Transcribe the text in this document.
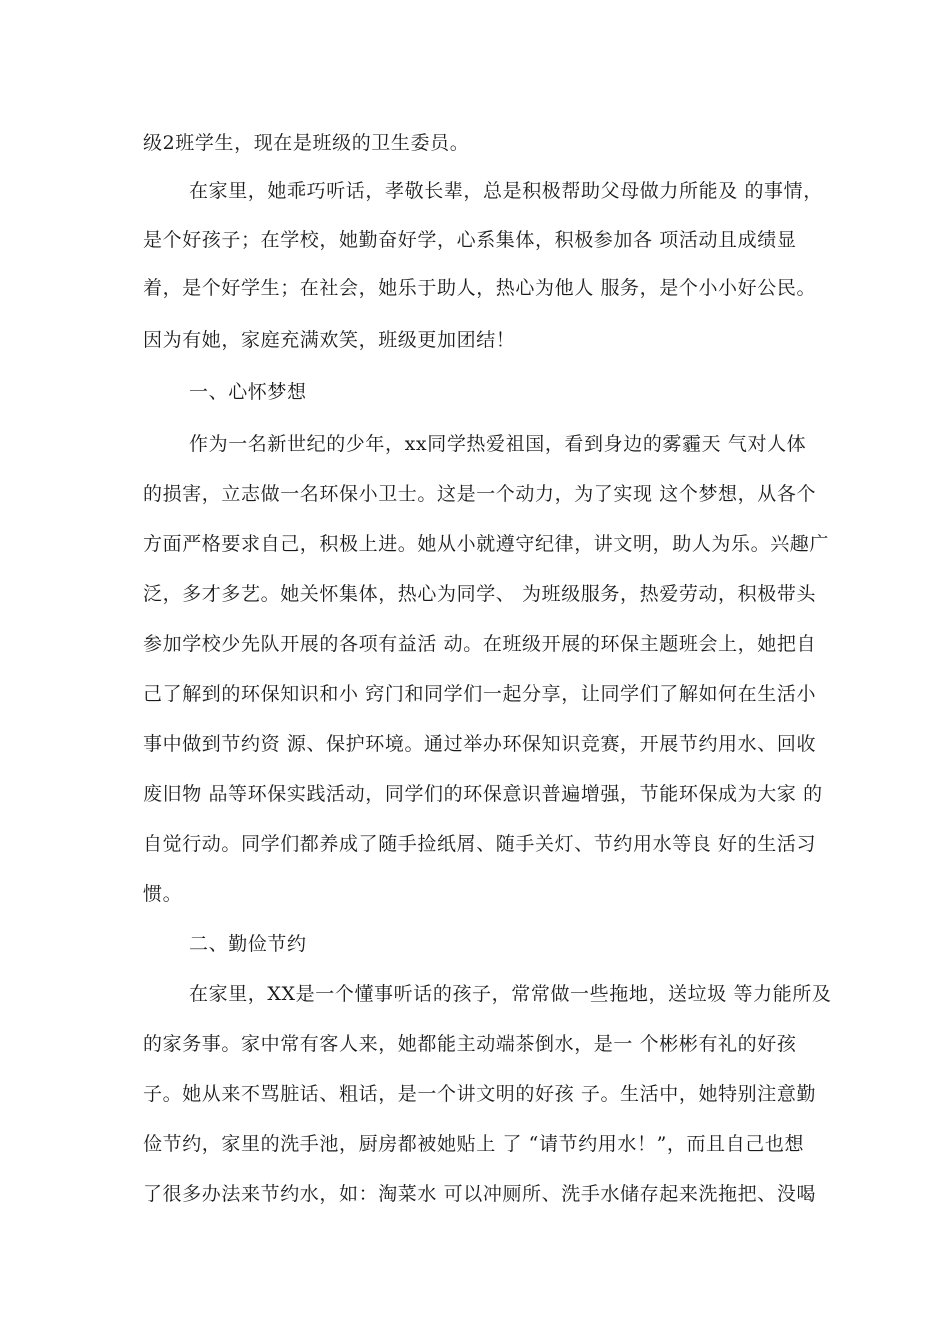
级2班学生，现在是班级的卫生委员。
在家里，她乖巧听话，孝敬长辈，总是积极帮助父母做力所能及 的事情，
是个好孩子；在学校，她勤奋好学，心系集体，积极参加各 项活动且成绩显
着，是个好学生；在社会，她乐于助人，热心为他人 服务，是个小小好公民。
因为有她，家庭充满欢笑，班级更加团结！
一、心怀梦想
作为一名新世纪的少年，xx同学热爱祖国，看到身边的雾霾天 气对人体
的损害，立志做一名环保小卫士。这是一个动力，为了实现 这个梦想，从各个
方面严格要求自己，积极上进。她从小就遵守纪律，讲文明，助人为乐。兴趣广
泛，多才多艺。她关怀集体，热心为同学、 为班级服务，热爱劳动，积极带头
参加学校少先队开展的各项有益活 动。在班级开展的环保主题班会上，她把自
己了解到的环保知识和小 窍门和同学们一起分享，让同学们了解如何在生活小
事中做到节约资 源、保护环境。通过举办环保知识竞赛，开展节约用水、回收
废旧物 品等环保实践活动，同学们的环保意识普遍增强，节能环保成为大家 的
自觉行动。同学们都养成了随手捡纸屑、随手关灯、节约用水等良 好的生活习
惯。
二、勤俭节约
在家里，XX是一个懂事听话的孩子，常常做一些拖地，送垃圾 等力能所及
的家务事。家中常有客人来，她都能主动端茶倒水，是一 个彬彬有礼的好孩
子。她从来不骂脏话、粗话，是一个讲文明的好孩 子。生活中，她特别注意勤
俭节约，家里的洗手池，厨房都被她贴上 了 “请节约用水！”，而且自己也想
了很多办法来节约水，如：淘菜水 可以冲厕所、洗手水储存起来洗拖把、没喝
